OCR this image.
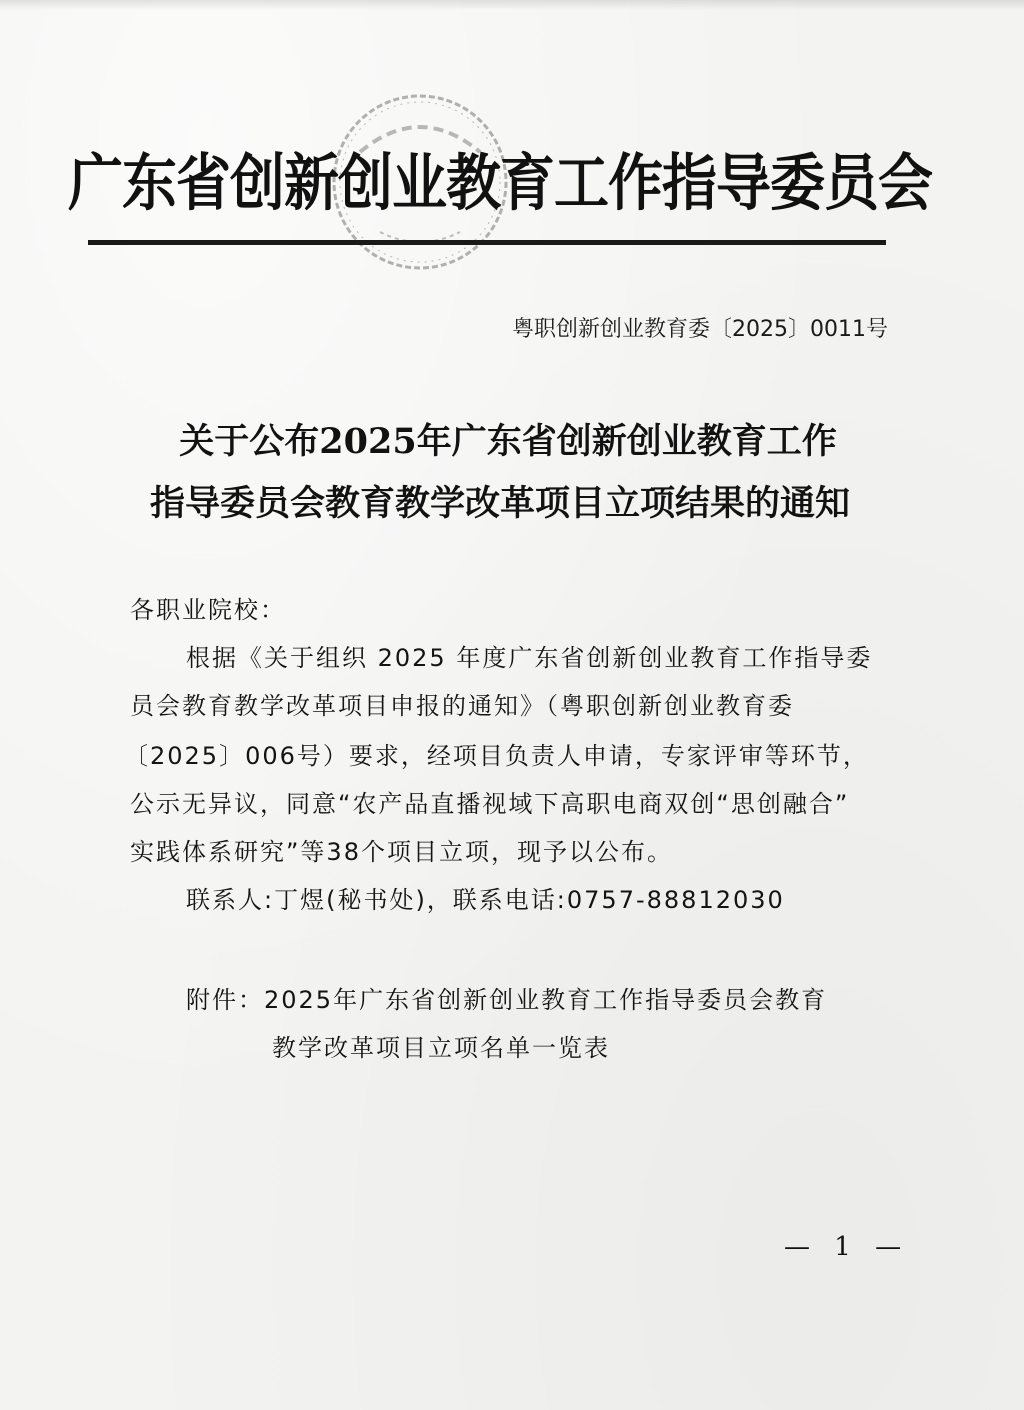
广东省创新创业教育工作指导委员会
粤职创新创业教育委〔2025〕0011号
关于公布2025年广东省创新创业教育工作
指导委员会教育教学改革项目立项结果的通知
各职业院校：
根据《关于组织 2025 年度广东省创新创业教育工作指导委
员会教育教学改革项目申报的通知》（粤职创新创业教育委
〔2025〕006号）要求，经项目负责人申请，专家评审等环节，
公示无异议，同意“农产品直播视域下高职电商双创“思创融合”
实践体系研究”等38个项目立项，现予以公布。
联系人:丁煜(秘书处)，联系电话:0757-88812030
附件：2025年广东省创新创业教育工作指导委员会教育
教学改革项目立项名单一览表
— 1 —
